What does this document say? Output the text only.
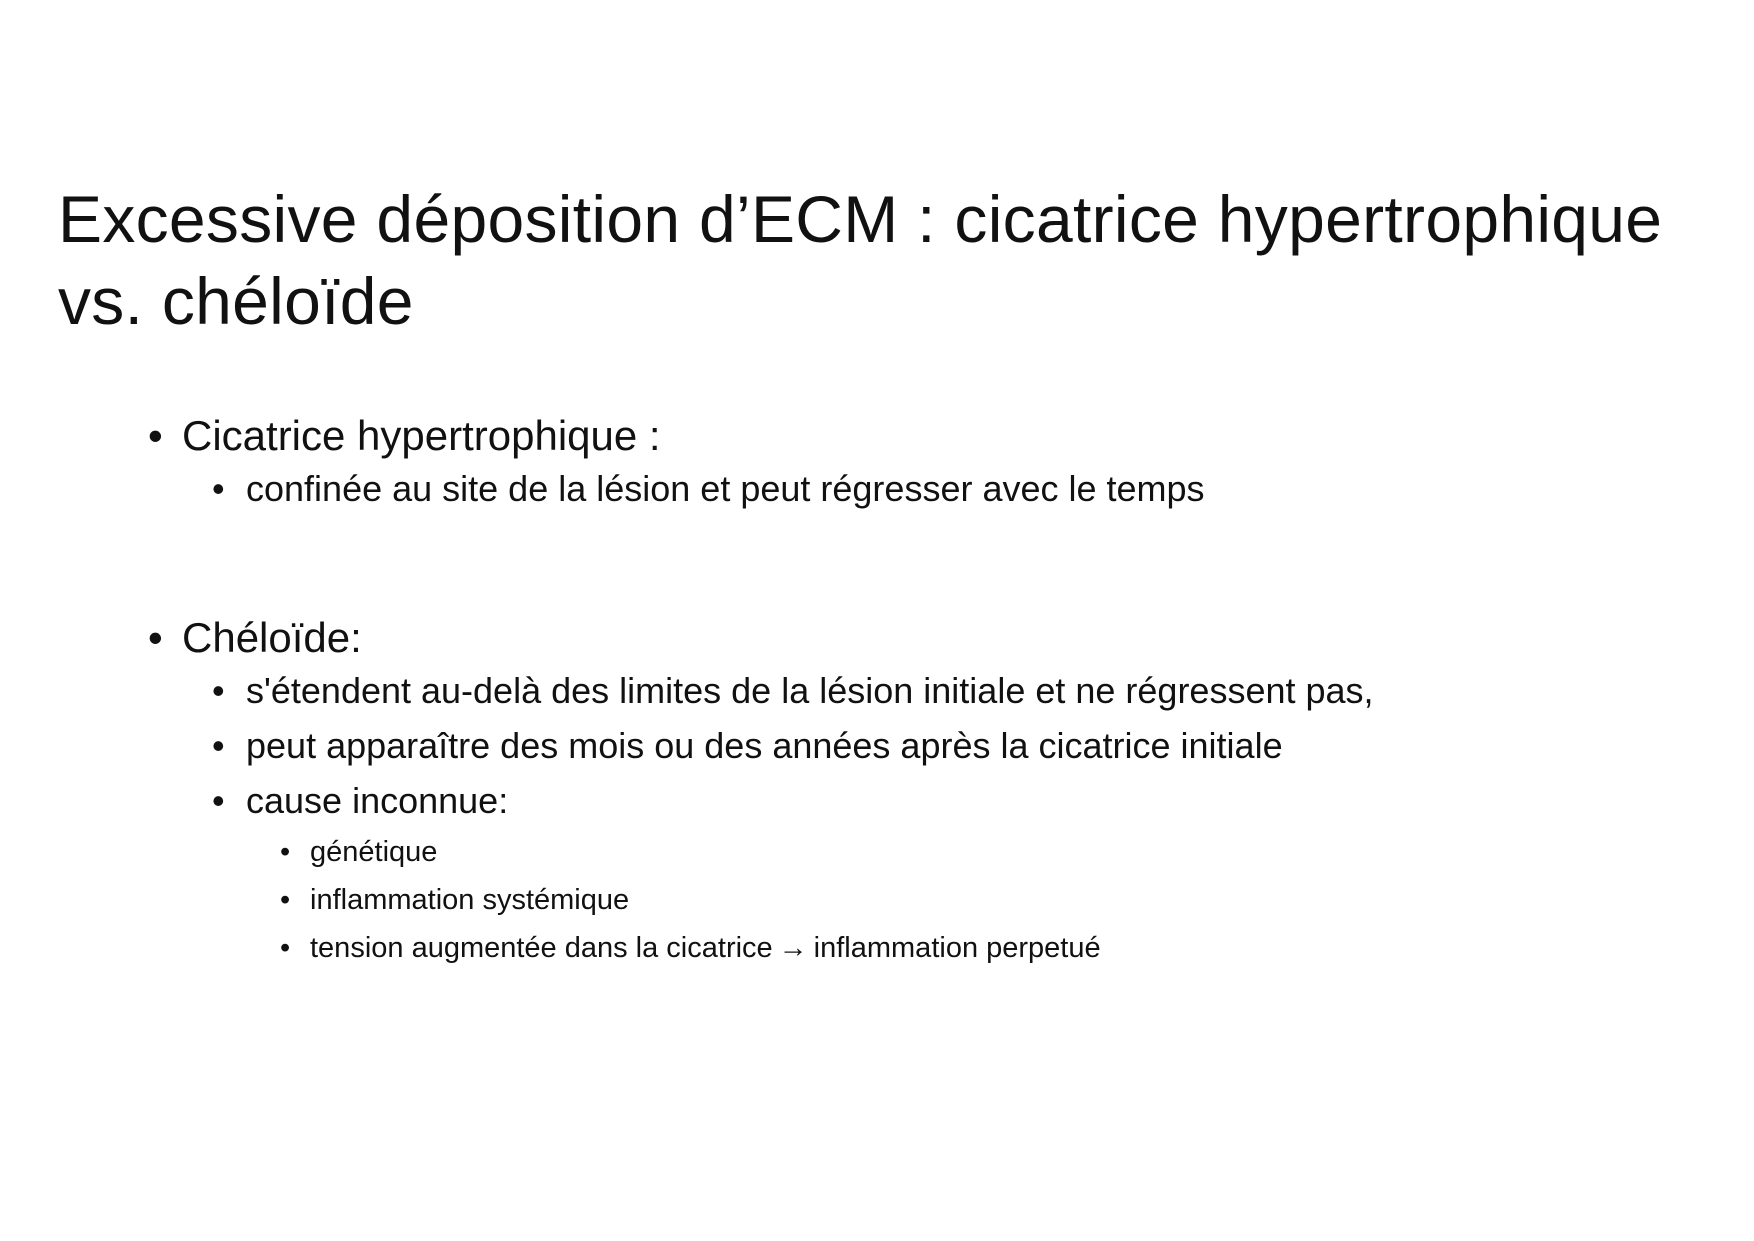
Excessive déposition d’ECM : cicatrice hypertrophique vs. chéloïde
• Cicatrice hypertrophique :
• confinée au site de la lésion et peut régresser avec le temps
• Chéloïde:
• s'étendent au-delà des limites de la lésion initiale et ne régressent pas,
• peut apparaître des mois ou des années après la cicatrice initiale
• cause inconnue:
• génétique
• inflammation systémique
• tension augmentée dans la cicatrice → inflammation perpetué
